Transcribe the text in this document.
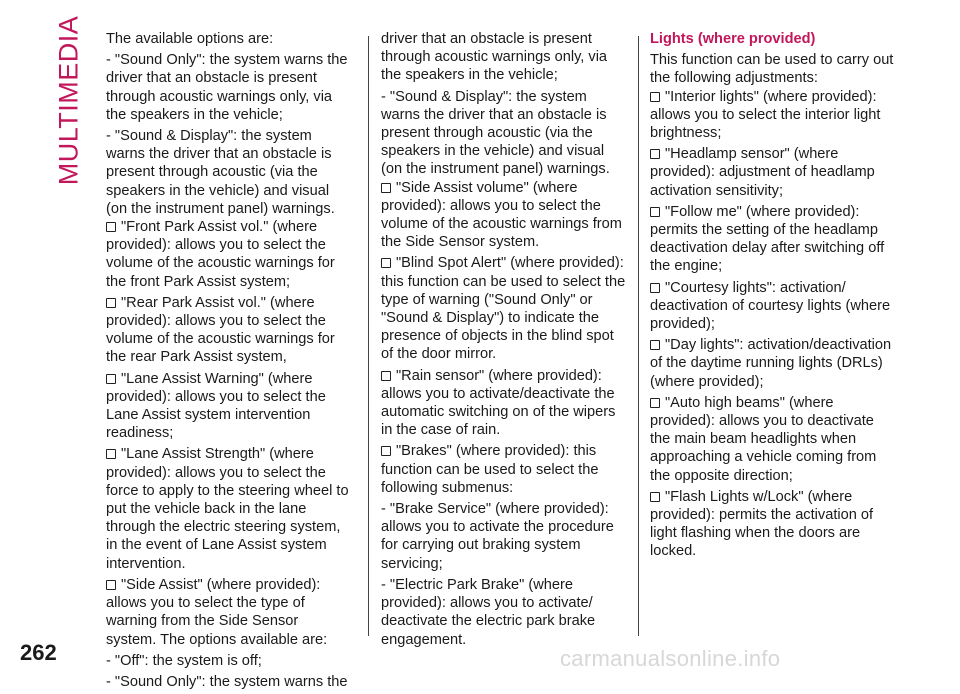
MULTIMEDIA The available options are:

- "Sound Only": the system warns the driver that an obstacle is present through acoustic warnings only, via the speakers in the vehicle;

- "Sound & Display": the system warns the driver that an obstacle is present through acoustic (via the speakers in the vehicle) and visual (on the instrument panel) warnings.

"Front Park Assist vol." (where provided): allows you to select the volume of the acoustic warnings for the front Park Assist system;

"Rear Park Assist vol." (where provided): allows you to select the volume of the acoustic warnings for the rear Park Assist system,

"Lane Assist Warning" (where provided): allows you to select the Lane Assist system intervention readiness;

"Lane Assist Strength" (where provided): allows you to select the force to apply to the steering wheel to put the vehicle back in the lane through the electric steering system, in the event of Lane Assist system intervention.

"Side Assist" (where provided): allows you to select the type of warning from the Side Sensor system. The options available are:

- "Off": the system is off;

- "Sound Only": the system warns the

driver that an obstacle is present through acoustic warnings only, via the speakers in the vehicle;

- "Sound & Display": the system warns the driver that an obstacle is present through acoustic (via the speakers in the vehicle) and visual (on the instrument panel) warnings.

"Side Assist volume" (where provided): allows you to select the volume of the acoustic warnings from the Side Sensor system.

"Blind Spot Alert" (where provided): this function can be used to select the type of warning ("Sound Only" or "Sound & Display") to indicate the presence of objects in the blind spot of the door mirror.

"Rain sensor" (where provided): allows you to activate/deactivate the automatic switching on of the wipers in the case of rain.

"Brakes" (where provided): this function can be used to select the following submenus:

- "Brake Service" (where provided): allows you to activate the procedure for carrying out braking system servicing;

- "Electric Park Brake" (where provided): allows you to activate/ deactivate the electric park brake engagement.

Lights (where provided)

This function can be used to carry out the following adjustments:

"Interior lights" (where provided): allows you to select the interior light brightness;

"Headlamp sensor" (where provided): adjustment of headlamp activation sensitivity;

"Follow me" (where provided): permits the setting of the headlamp deactivation delay after switching off the engine;

"Courtesy lights": activation/ deactivation of courtesy lights (where provided);

"Day lights": activation/deactivation of the daytime running lights (DRLs) (where provided);

"Auto high beams" (where provided): allows you to deactivate the main beam headlights when approaching a vehicle coming from the opposite direction;

"Flash Lights w/Lock" (where provided): permits the activation of light flashing when the doors are locked.

262	carmanualsonline.info
